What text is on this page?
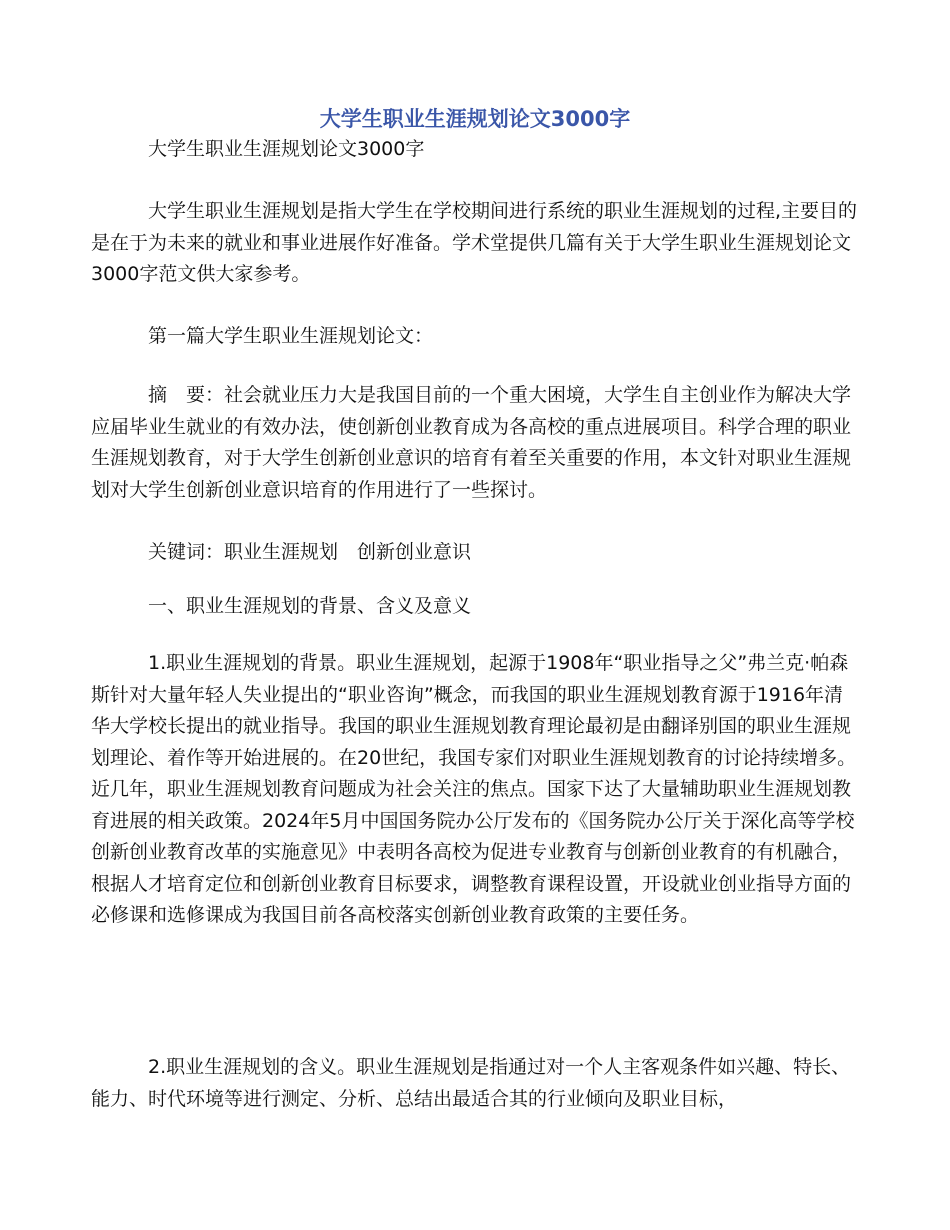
大学生职业生涯规划论文3000字

大学生职业生涯规划论文3000字

大学生职业生涯规划是指大学生在学校期间进行系统的职业生涯规划的过程,主要目的是在于为未来的就业和事业进展作好准备。学术堂提供几篇有关于大学生职业生涯规划论文3000字范文供大家参考。

第一篇大学生职业生涯规划论文：

摘　要：社会就业压力大是我国目前的一个重大困境，大学生自主创业作为解决大学应届毕业生就业的有效办法，使创新创业教育成为各高校的重点进展项目。科学合理的职业生涯规划教育，对于大学生创新创业意识的培育有着至关重要的作用，本文针对职业生涯规划对大学生创新创业意识培育的作用进行了一些探讨。

关键词：职业生涯规划　创新创业意识

一、职业生涯规划的背景、含义及意义

1.职业生涯规划的背景。职业生涯规划，起源于1908年“职业指导之父”弗兰克·帕森斯针对大量年轻人失业提出的“职业咨询”概念，而我国的职业生涯规划教育源于1916年清华大学校长提出的就业指导。我国的职业生涯规划教育理论最初是由翻译别国的职业生涯规划理论、着作等开始进展的。在20世纪，我国专家们对职业生涯规划教育的讨论持续增多。近几年，职业生涯规划教育问题成为社会关注的焦点。国家下达了大量辅助职业生涯规划教育进展的相关政策。2024年5月中国国务院办公厅发布的《国务院办公厅关于深化高等学校创新创业教育改革的实施意见》中表明各高校为促进专业教育与创新创业教育的有机融合，根据人才培育定位和创新创业教育目标要求，调整教育课程设置，开设就业创业指导方面的必修课和选修课成为我国目前各高校落实创新创业教育政策的主要任务。

2.职业生涯规划的含义。职业生涯规划是指通过对一个人主客观条件如兴趣、特长、能力、时代环境等进行测定、分析、总结出最适合其的行业倾向及职业目标，
